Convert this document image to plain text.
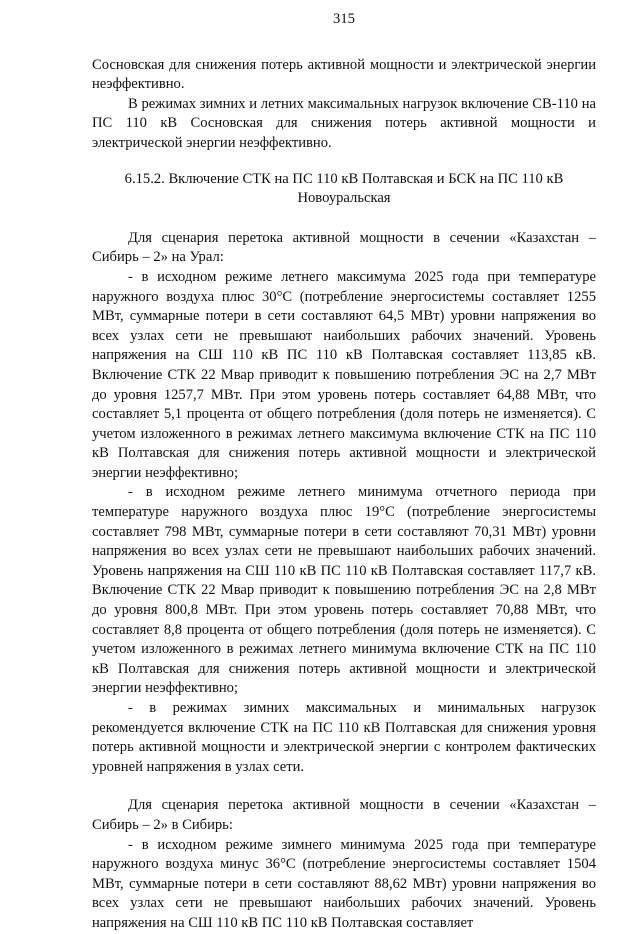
315

Сосновская для снижения потерь активной мощности и электрической энергии неэффективно.

В режимах зимних и летних максимальных нагрузок включение СВ-110 на ПС 110 кВ Сосновская для снижения потерь активной мощности и электрической энергии неэффективно.

6.15.2. Включение СТК на ПС 110 кВ Полтавская и БСК на ПС 110 кВ Новоуральская

Для сценария перетока активной мощности в сечении «Казахстан – Сибирь – 2» на Урал:

- в исходном режиме летнего максимума 2025 года при температуре наружного воздуха плюс 30°С (потребление энергосистемы составляет 1255 МВт, суммарные потери в сети составляют 64,5 МВт) уровни напряжения во всех узлах сети не превышают наибольших рабочих значений. Уровень напряжения на СШ 110 кВ ПС 110 кВ Полтавская составляет 113,85 кВ. Включение СТК 22 Мвар приводит к повышению потребления ЭС на 2,7 МВт до уровня 1257,7 МВт. При этом уровень потерь составляет 64,88 МВт, что составляет 5,1 процента от общего потребления (доля потерь не изменяется). С учетом изложенного в режимах летнего максимума включение СТК на ПС 110 кВ Полтавская для снижения потерь активной мощности и электрической энергии неэффективно;

- в исходном режиме летнего минимума отчетного периода при температуре наружного воздуха плюс 19°С (потребление энергосистемы составляет 798 МВт, суммарные потери в сети составляют 70,31 МВт) уровни напряжения во всех узлах сети не превышают наибольших рабочих значений. Уровень напряжения на СШ 110 кВ ПС 110 кВ Полтавская составляет 117,7 кВ. Включение СТК 22 Мвар приводит к повышению потребления ЭС на 2,8 МВт до уровня 800,8 МВт. При этом уровень потерь составляет 70,88 МВт, что составляет 8,8 процента от общего потребления (доля потерь не изменяется). С учетом изложенного в режимах летнего минимума включение СТК на ПС 110 кВ Полтавская для снижения потерь активной мощности и электрической энергии неэффективно;

- в режимах зимних максимальных и минимальных нагрузок рекомендуется включение СТК на ПС 110 кВ Полтавская для снижения уровня потерь активной мощности и электрической энергии с контролем фактических уровней напряжения в узлах сети.

Для сценария перетока активной мощности в сечении «Казахстан – Сибирь – 2» в Сибирь:

- в исходном режиме зимнего минимума 2025 года при температуре наружного воздуха минус 36°С (потребление энергосистемы составляет 1504 МВт, суммарные потери в сети составляют 88,62 МВт) уровни напряжения во всех узлах сети не превышают наибольших рабочих значений. Уровень напряжения на СШ 110 кВ ПС 110 кВ Полтавская составляет
